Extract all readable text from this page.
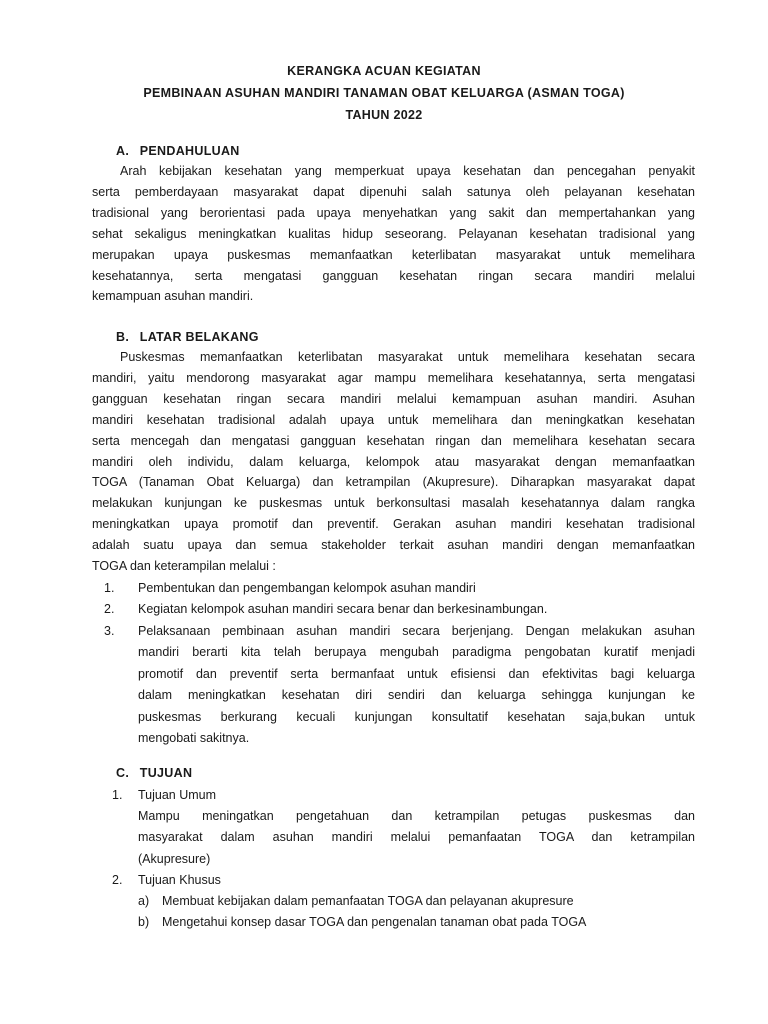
KERANGKA ACUAN KEGIATAN
PEMBINAAN ASUHAN MANDIRI TANAMAN OBAT KELUARGA (ASMAN TOGA)
TAHUN 2022
A. PENDAHULUAN
Arah kebijakan kesehatan yang memperkuat upaya kesehatan dan pencegahan penyakit
serta pemberdayaan masyarakat dapat dipenuhi salah satunya oleh pelayanan kesehatan
tradisional yang berorientasi pada upaya menyehatkan yang sakit dan mempertahankan yang
sehat sekaligus meningkatkan kualitas hidup seseorang. Pelayanan kesehatan tradisional yang
merupakan upaya puskesmas memanfaatkan keterlibatan masyarakat untuk memelihara
kesehatannya, serta mengatasi gangguan kesehatan ringan secara mandiri melalui
kemampuan asuhan mandiri.
B. LATAR BELAKANG
Puskesmas memanfaatkan keterlibatan masyarakat untuk memelihara kesehatan secara
mandiri, yaitu mendorong masyarakat agar mampu memelihara kesehatannya, serta mengatasi
gangguan kesehatan ringan secara mandiri melalui kemampuan asuhan mandiri. Asuhan
mandiri kesehatan tradisional adalah upaya untuk memelihara dan meningkatkan kesehatan
serta mencegah dan mengatasi gangguan kesehatan ringan dan memelihara kesehatan secara
mandiri oleh individu, dalam keluarga, kelompok atau masyarakat dengan memanfaatkan
TOGA (Tanaman Obat Keluarga) dan ketrampilan (Akupresure). Diharapkan masyarakat dapat
melakukan kunjungan ke puskesmas untuk berkonsultasi masalah kesehatannya dalam rangka
meningkatkan upaya promotif dan preventif. Gerakan asuhan mandiri kesehatan tradisional
adalah suatu upaya dan semua stakeholder terkait asuhan mandiri dengan memanfaatkan
TOGA dan keterampilan melalui :
1. Pembentukan dan pengembangan kelompok asuhan mandiri
2. Kegiatan kelompok asuhan mandiri secara benar dan berkesinambungan.
3. Pelaksanaan pembinaan asuhan mandiri secara berjenjang. Dengan melakukan asuhan
mandiri berarti kita telah berupaya mengubah paradigma pengobatan kuratif menjadi
promotif dan preventif serta bermanfaat untuk efisiensi dan efektivitas bagi keluarga
dalam meningkatkan kesehatan diri sendiri dan keluarga sehingga kunjungan ke
puskesmas berkurang kecuali kunjungan konsultatif kesehatan saja,bukan untuk
mengobati sakitnya.
C. TUJUAN
1. Tujuan Umum
Mampu meningatkan pengetahuan dan ketrampilan petugas puskesmas dan
masyarakat dalam asuhan mandiri melalui pemanfaatan TOGA dan ketrampilan
(Akupresure)
2. Tujuan Khusus
a) Membuat kebijakan dalam pemanfaatan TOGA dan pelayanan akupresure
b) Mengetahui konsep dasar TOGA dan pengenalan tanaman obat pada TOGA
